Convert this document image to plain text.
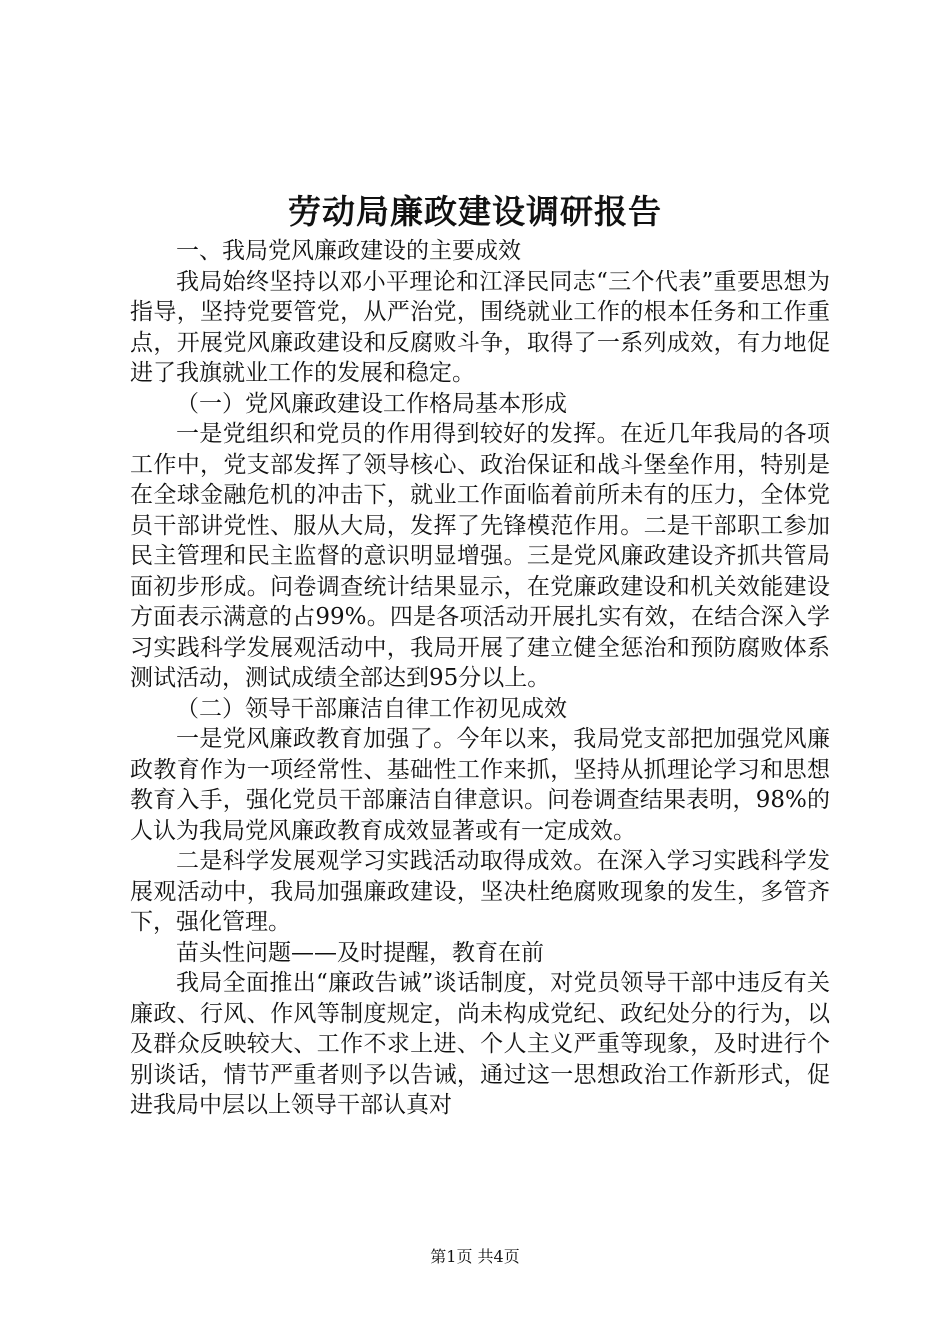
劳动局廉政建设调研报告

一、我局党风廉政建设的主要成效

我局始终坚持以邓小平理论和江泽民同志“三个代表”重要思想为指导，坚持党要管党，从严治党，围绕就业工作的根本任务和工作重点，开展党风廉政建设和反腐败斗争，取得了一系列成效，有力地促进了我旗就业工作的发展和稳定。

（一）党风廉政建设工作格局基本形成

一是党组织和党员的作用得到较好的发挥。在近几年我局的各项工作中，党支部发挥了领导核心、政治保证和战斗堡垒作用，特别是在全球金融危机的冲击下，就业工作面临着前所未有的压力，全体党员干部讲党性、服从大局，发挥了先锋模范作用。二是干部职工参加民主管理和民主监督的意识明显增强。三是党风廉政建设齐抓共管局面初步形成。问卷调查统计结果显示，在党廉政建设和机关效能建设方面表示满意的占99%。四是各项活动开展扎实有效，在结合深入学习实践科学发展观活动中，我局开展了建立健全惩治和预防腐败体系测试活动，测试成绩全部达到95分以上。

（二）领导干部廉洁自律工作初见成效

一是党风廉政教育加强了。今年以来，我局党支部把加强党风廉政教育作为一项经常性、基础性工作来抓，坚持从抓理论学习和思想教育入手，强化党员干部廉洁自律意识。问卷调查结果表明，98%的人认为我局党风廉政教育成效显著或有一定成效。

二是科学发展观学习实践活动取得成效。在深入学习实践科学发展观活动中，我局加强廉政建设，坚决杜绝腐败现象的发生，多管齐下，强化管理。

苗头性问题——及时提醒，教育在前

我局全面推出“廉政告诫”谈话制度，对党员领导干部中违反有关廉政、行风、作风等制度规定，尚未构成党纪、政纪处分的行为，以及群众反映较大、工作不求上进、个人主义严重等现象，及时进行个别谈话，情节严重者则予以告诫，通过这一思想政治工作新形式，促进我局中层以上领导干部认真对

第1页 共4页
